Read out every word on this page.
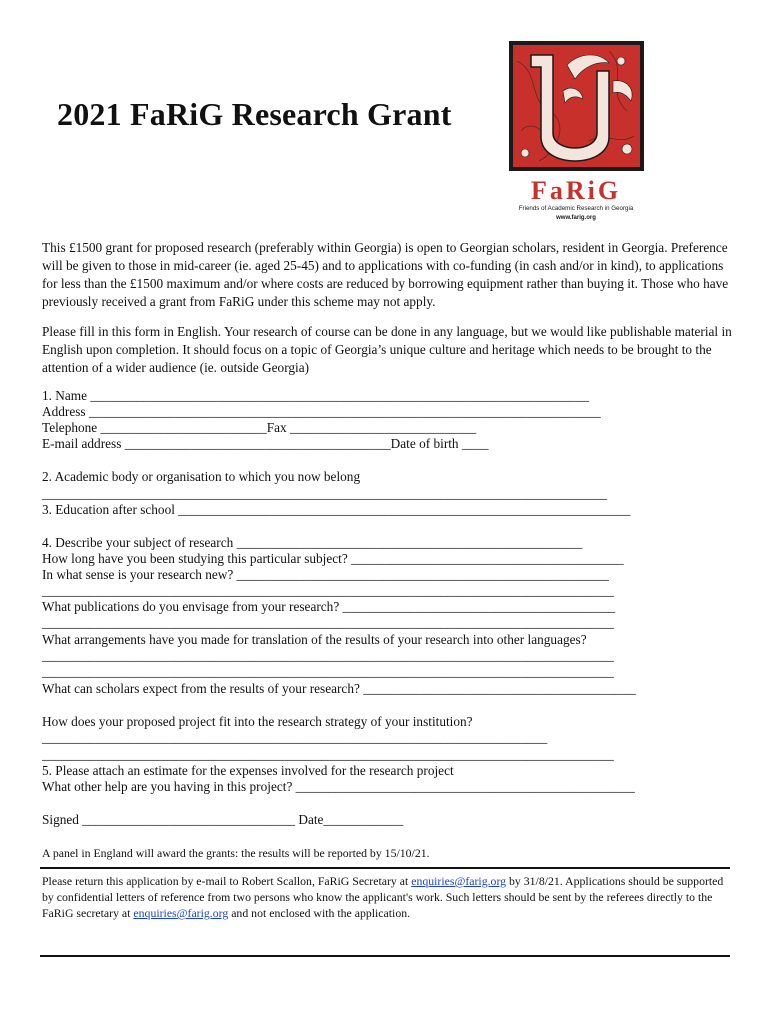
2021 FaRiG Research Grant
FaRiG
Friends of Academic Research in Georgia
www.farig.org
This £1500 grant for proposed research (preferably within Georgia) is open to Georgian scholars, resident in Georgia. Preference will be given to those in mid-career (ie. aged 25-45) and to applications with co-funding (in cash and/or in kind), to applications for less than the £1500 maximum and/or where costs are reduced by borrowing equipment rather than buying it. Those who have previously received a grant from FaRiG under this scheme may not apply.
Please fill in this form in English. Your research of course can be done in any language, but we would like publishable material in English upon completion. It should focus on a topic of Georgia’s unique culture and heritage which needs to be brought to the attention of a wider audience (ie. outside Georgia)
1. Name ___________________________________________________________________________
Address _____________________________________________________________________________
Telephone _________________________Fax ____________________________
E-mail address ________________________________________Date of birth ____
2. Academic body or organisation to which you now belong
_____________________________________________________________________________________
3. Education after school ____________________________________________________________________
4. Describe your subject of research ____________________________________________________
How long have you been studying this particular subject? _________________________________________
In what sense is your research new? ________________________________________________________
______________________________________________________________________________________
What publications do you envisage from your research? _________________________________________
______________________________________________________________________________________
What arrangements have you made for translation of the results of your research into other languages?
______________________________________________________________________________________
______________________________________________________________________________________
What can scholars expect from the results of your research? _________________________________________
How does your proposed project fit into the research strategy of your institution?
____________________________________________________________________________
______________________________________________________________________________________
5. Please attach an estimate for the expenses involved for the research project
What other help are you having in this project? ___________________________________________________
Signed ________________________________ Date____________
A panel in England will award the grants: the results will be reported by 15/10/21.
Please return this application by e-mail to Robert Scallon, FaRiG Secretary at enquiries@farig.org by 31/8/21. Applications should be supported by confidential letters of reference from two persons who know the applicant's work. Such letters should be sent by the referees directly to the FaRiG secretary at enquiries@farig.org and not enclosed with the application.
